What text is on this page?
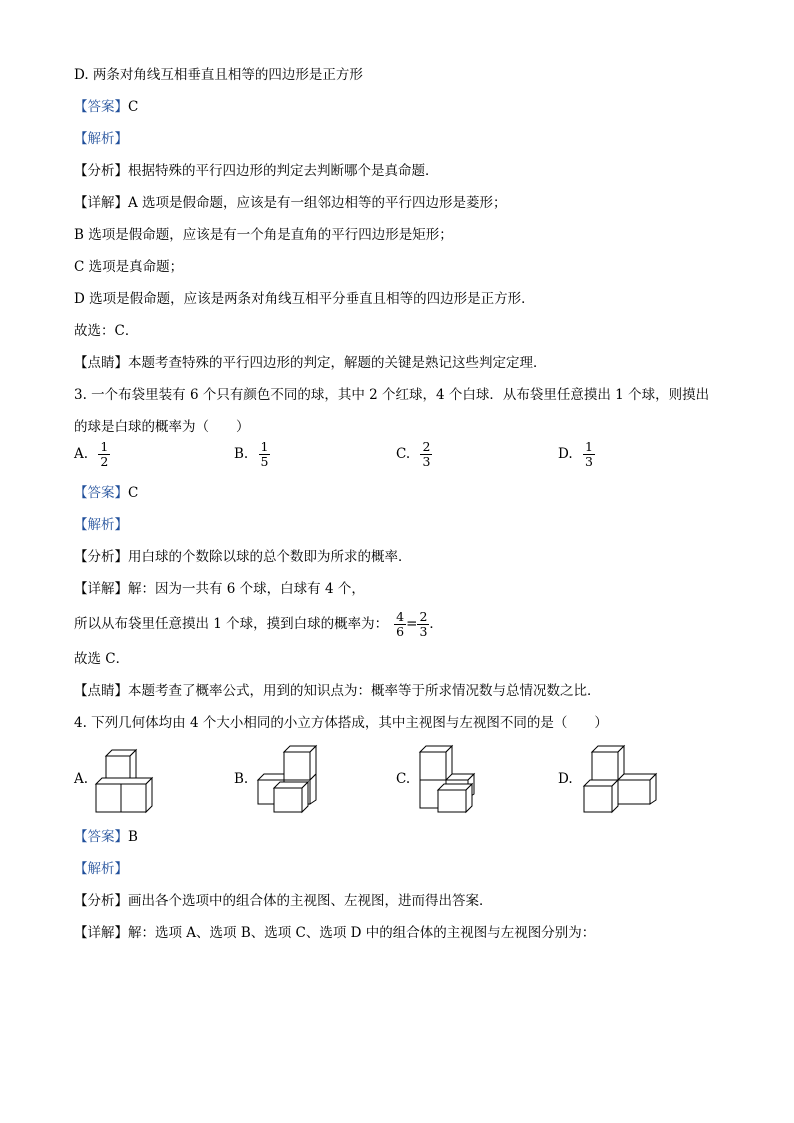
D. 两条对角线互相垂直且相等的四边形是正方形
【答案】C
【解析】
【分析】根据特殊的平行四边形的判定去判断哪个是真命题．
【详解】A 选项是假命题，应该是有一组邻边相等的平行四边形是菱形；
B 选项是假命题，应该是有一个角是直角的平行四边形是矩形；
C 选项是真命题；
D 选项是假命题，应该是两条对角线互相平分垂直且相等的四边形是正方形．
故选：C．
【点睛】本题考查特殊的平行四边形的判定，解题的关键是熟记这些判定定理．
3. 一个布袋里装有 6 个只有颜色不同的球，其中 2 个红球，4 个白球．从布袋里任意摸出 1 个球，则摸出
的球是白球的概率为（　　）
A. $\frac{1}{2}$	B. $\frac{1}{5}$	C. $\frac{2}{3}$	D. $\frac{1}{3}$
【答案】C
【解析】
【分析】用白球的个数除以球的总个数即为所求的概率．
【详解】解：因为一共有 6 个球，白球有 4 个，
所以从布袋里任意摸出 1 个球，摸到白球的概率为： $\frac{4}{6} = \frac{2}{3}$ ．
故选 C．
【点睛】本题考查了概率公式，用到的知识点为：概率等于所求情况数与总情况数之比．
4. 下列几何体均由 4 个大小相同的小立方体搭成，其中主视图与左视图不同的是（　　）
A.	B.	C.	D.
【答案】B
【解析】
【分析】画出各个选项中的组合体的主视图、左视图，进而得出答案．
【详解】解：选项 A、选项 B、选项 C、选项 D 中的组合体的主视图与左视图分别为：
